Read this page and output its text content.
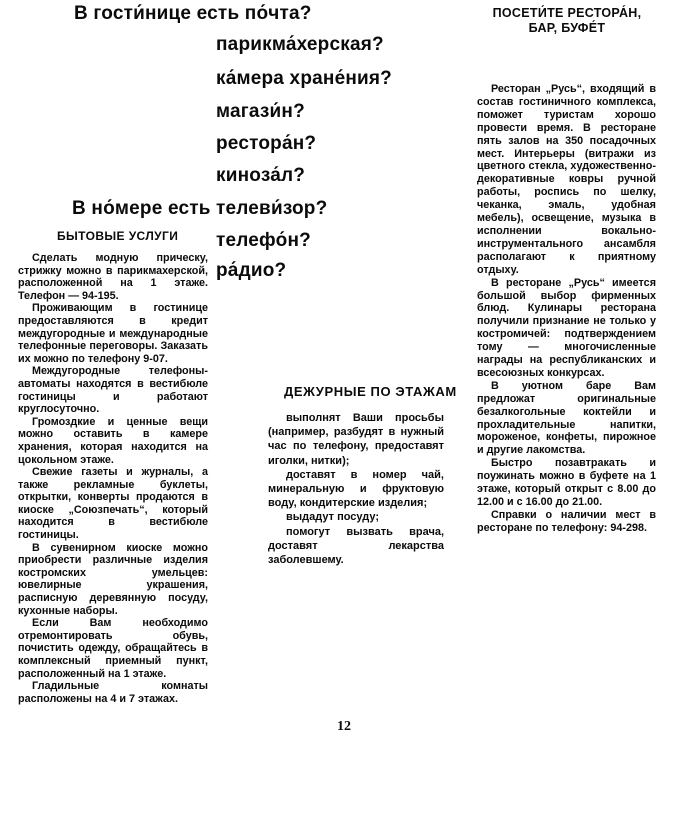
В гости́нице есть по́чта?
В но́мере есть
парикма́херская?
ка́мера хране́ния?
магази́н?
рестора́н?
киноза́л?
телеви́зор?
телефо́н?
ра́дио?
БЫТОВЫЕ УСЛУГИ

Сделать модную прическу, стрижку можно в парикмахерской, расположенной на 1 этаже. Телефон — 94-195.

Проживающим в гостинице предоставляются в кредит междугородные и международные телефонные переговоры. Заказать их можно по телефону 9-07.

Междугородные телефоны-автоматы находятся в вестибюле гостиницы и работают круглосуточно.

Громоздкие и ценные вещи можно оставить в камере хранения, которая находится на цокольном этаже.

Свежие газеты и журналы, а также рекламные буклеты, открытки, конверты продаются в киоске „Союзпечать“, который находится в вестибюле гостиницы.

В сувенирном киоске можно приобрести различные изделия костромских умельцев: ювелирные украшения, расписную деревянную посуду, кухонные наборы.

Если Вам необходимо отремонтировать обувь, почистить одежду, обращайтесь в комплексный приемный пункт, расположенный на 1 этаже.

Гладильные комнаты расположены на 4 и 7 этажах.

ДЕЖУРНЫЕ ПО ЭТАЖАМ

выполнят Ваши просьбы (например, разбудят в нужный час по телефону, предоставят иголки, нитки);

доставят в номер чай, минеральную и фруктовую воду, кондитерские изделия;

выдадут посуду;

помогут вызвать врача, доставят лекарства заболевшему.

ПОСЕТИ́ТЕ РЕСТОРА́Н,
БАР, БУФЕ́Т

Ресторан „Русь“, входящий в состав гостиничного комплекса, поможет туристам хорошо провести время. В ресторане пять залов на 350 посадочных мест. Интерьеры (витражи из цветного стекла, художественно-декоративные ковры ручной работы, роспись по шелку, чеканка, эмаль, удобная мебель), освещение, музыка в исполнении вокально-инструментального ансамбля располагают к приятному отдыху.

В ресторане „Русь“ имеется большой выбор фирменных блюд. Кулинары ресторана получили признание не только у костромичей: подтверждением тому — многочисленные награды на республиканских и всесоюзных конкурсах.

В уютном баре Вам предложат оригинальные безалкогольные коктейли и прохладительные напитки, мороженое, конфеты, пирожное и другие лакомства.

Быстро позавтракать и поужинать можно в буфете на 1 этаже, который открыт с 8.00 до 12.00 и с 16.00 до 21.00.

Справки о наличии мест в ресторане по телефону: 94-298.

12
